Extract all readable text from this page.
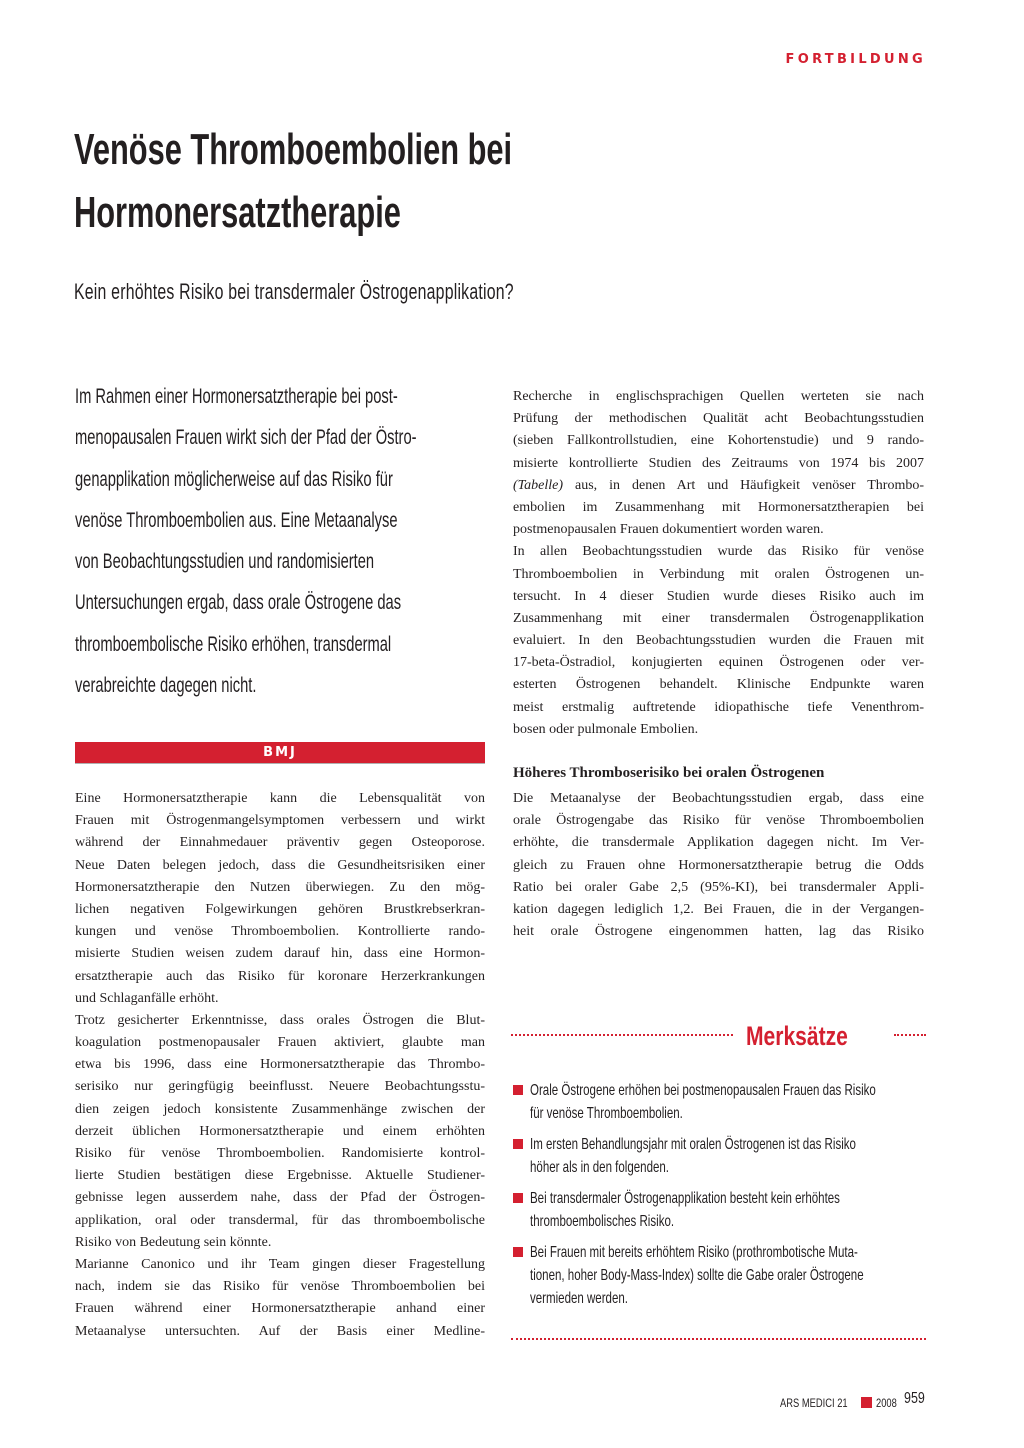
FORTBILDUNG
Venöse Thromboembolien bei
Hormonersatztherapie
Kein erhöhtes Risiko bei transdermaler Östrogenapplikation?
Im Rahmen einer Hormonersatztherapie bei post-
menopausalen Frauen wirkt sich der Pfad der Östro-
genapplikation möglicherweise auf das Risiko für
venöse Thromboembolien aus. Eine Metaanalyse
von Beobachtungsstudien und randomisierten
Untersuchungen ergab, dass orale Östrogene das
thromboembolische Risiko erhöhen, transdermal
verabreichte dagegen nicht.
BMJ
Eine Hormonersatztherapie kann die Lebensqualität von
Frauen mit Östrogenmangelsymptomen verbessern und wirkt
während der Einnahmedauer präventiv gegen Osteoporose.
Neue Daten belegen jedoch, dass die Gesundheitsrisiken einer
Hormonersatztherapie den Nutzen überwiegen. Zu den mög-
lichen negativen Folgewirkungen gehören Brustkrebserkran-
kungen und venöse Thromboembolien. Kontrollierte rando-
misierte Studien weisen zudem darauf hin, dass eine Hormon-
ersatztherapie auch das Risiko für koronare Herzerkrankungen
und Schlaganfälle erhöht.
Trotz gesicherter Erkenntnisse, dass orales Östrogen die Blut-
koagulation postmenopausaler Frauen aktiviert, glaubte man
etwa bis 1996, dass eine Hormonersatztherapie das Thrombo-
serisiko nur geringfügig beeinflusst. Neuere Beobachtungsstu-
dien zeigen jedoch konsistente Zusammenhänge zwischen der
derzeit üblichen Hormonersatztherapie und einem erhöhten
Risiko für venöse Thromboembolien. Randomisierte kontrol-
lierte Studien bestätigen diese Ergebnisse. Aktuelle Studiener-
gebnisse legen ausserdem nahe, dass der Pfad der Östrogen-
applikation, oral oder transdermal, für das thromboembolische
Risiko von Bedeutung sein könnte.
Marianne Canonico und ihr Team gingen dieser Fragestellung
nach, indem sie das Risiko für venöse Thromboembolien bei
Frauen während einer Hormonersatztherapie anhand einer
Metaanalyse untersuchten. Auf der Basis einer Medline-
Recherche in englischsprachigen Quellen werteten sie nach
Prüfung der methodischen Qualität acht Beobachtungsstudien
(sieben Fallkontrollstudien, eine Kohortenstudie) und 9 rando-
misierte kontrollierte Studien des Zeitraums von 1974 bis 2007
(Tabelle) aus, in denen Art und Häufigkeit venöser Thrombo-
embolien im Zusammenhang mit Hormonersatztherapien bei
postmenopausalen Frauen dokumentiert worden waren.
In allen Beobachtungsstudien wurde das Risiko für venöse
Thromboembolien in Verbindung mit oralen Östrogenen un-
tersucht. In 4 dieser Studien wurde dieses Risiko auch im
Zusammenhang mit einer transdermalen Östrogenapplikation
evaluiert. In den Beobachtungsstudien wurden die Frauen mit
17-beta-Östradiol, konjugierten equinen Östrogenen oder ver-
esterten Östrogenen behandelt. Klinische Endpunkte waren
meist erstmalig auftretende idiopathische tiefe Venenthrom-
bosen oder pulmonale Embolien.
Höheres Thromboserisiko bei oralen Östrogenen
Die Metaanalyse der Beobachtungsstudien ergab, dass eine
orale Östrogengabe das Risiko für venöse Thromboembolien
erhöhte, die transdermale Applikation dagegen nicht. Im Ver-
gleich zu Frauen ohne Hormonersatztherapie betrug die Odds
Ratio bei oraler Gabe 2,5 (95%-KI), bei transdermaler Appli-
kation dagegen lediglich 1,2. Bei Frauen, die in der Vergangen-
heit orale Östrogene eingenommen hatten, lag das Risiko
Merksätze
Orale Östrogene erhöhen bei postmenopausalen Frauen das Risiko
für venöse Thromboembolien.
Im ersten Behandlungsjahr mit oralen Östrogenen ist das Risiko
höher als in den folgenden.
Bei transdermaler Östrogenapplikation besteht kein erhöhtes
thromboembolisches Risiko.
Bei Frauen mit bereits erhöhtem Risiko (prothrombotische Muta-
tionen, hoher Body-Mass-Index) sollte die Gabe oraler Östrogene
vermieden werden.
ARS MEDICI 21 2008 959
